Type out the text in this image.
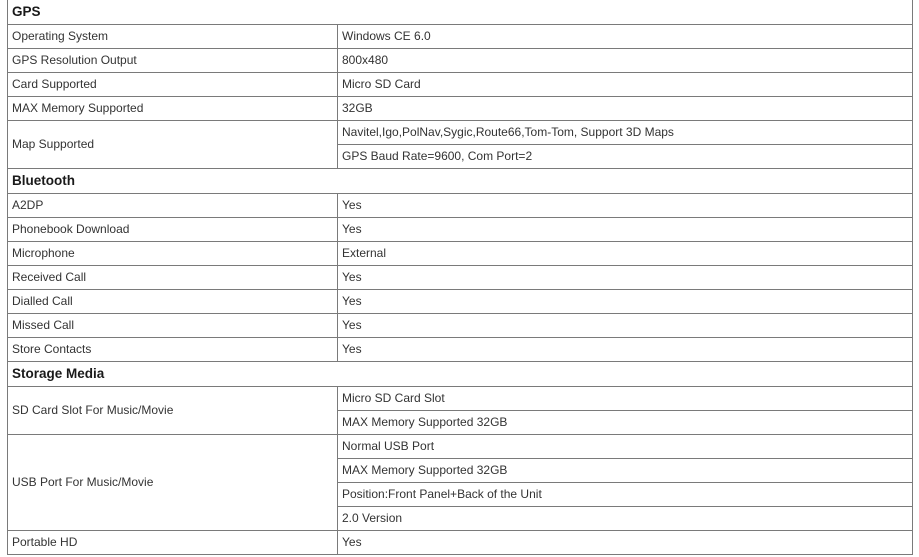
GPS	
Operating System	Windows CE 6.0
GPS Resolution Output	800x480
Card Supported	Micro SD Card
MAX Memory Supported	32GB
Map Supported	Navitel,Igo,PolNav,Sygic,Route66,Tom-Tom, Support 3D Maps
	GPS Baud Rate=9600, Com Port=2
Bluetooth	
A2DP	Yes
Phonebook Download	Yes
Microphone	External
Received Call	Yes
Dialled Call	Yes
Missed Call	Yes
Store Contacts	Yes
Storage Media	
SD Card Slot For Music/Movie	Micro SD Card Slot
	MAX Memory Supported 32GB
USB Port For Music/Movie	Normal USB Port
	MAX Memory Supported 32GB
	Position:Front Panel+Back of the Unit
	2.0 Version
Portable HD	Yes
